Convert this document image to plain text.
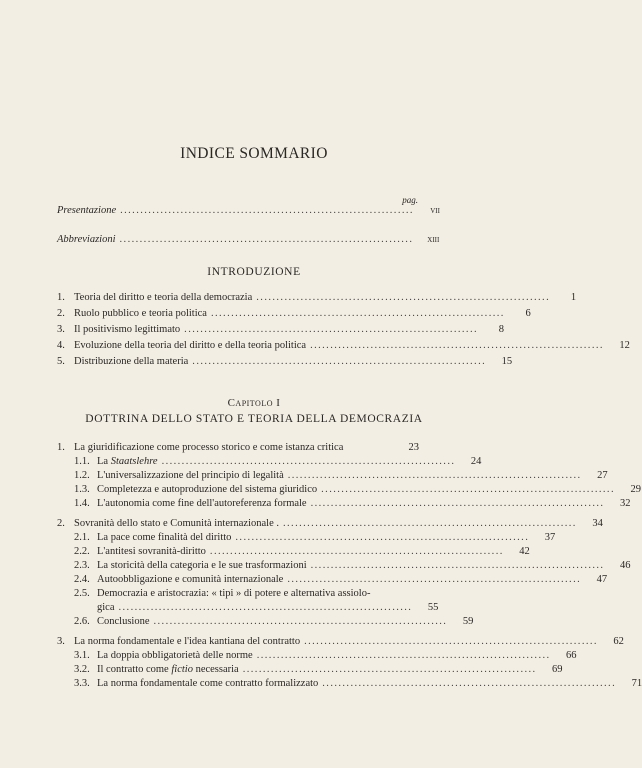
INDICE SOMMARIO
pag.
Presentazione .........................................................................	vii
Abbreviazioni .........................................................................	xiii
INTRODUZIONE
1. Teoria del diritto e teoria della democrazia .........................................................................	1
2. Ruolo pubblico e teoria politica .........................................................................	6
3. Il positivismo legittimato .........................................................................	8
4. Evoluzione della teoria del diritto e della teoria politica .........................................................................	12
5. Distribuzione della materia .........................................................................	15
Capitolo I
DOTTRINA DELLO STATO E TEORIA DELLA DEMOCRAZIA
1. La giuridificazione come processo storico e come istanza critica	23
1.1. La Staatslehre .........................................................................	24
1.2. L'universalizzazione del principio di legalità .........................................................................	27
1.3. Completezza e autoproduzione del sistema giuridico .........................................................................	29
1.4. L'autonomia come fine dell'autoreferenza formale .........................................................................	32
2. Sovranità dello stato e Comunità internazionale . .........................................................................	34
2.1. La pace come finalità del diritto .........................................................................	37
2.2. L'antitesi sovranità-diritto .........................................................................	42
2.3. La storicità della categoria e le sue trasformazioni .........................................................................	46
2.4. Autoobbligazione e comunità internazionale .........................................................................	47
2.5. Democrazia e aristocrazia: « tipi » di potere e alternativa assiolo-
gica .........................................................................	55
2.6. Conclusione .........................................................................	59
3. La norma fondamentale e l'idea kantiana del contratto .........................................................................	62
3.1. La doppia obbligatorietà delle norme .........................................................................	66
3.2. Il contratto come fictio necessaria .........................................................................	69
3.3. La norma fondamentale come contratto formalizzato .........................................................................	71
